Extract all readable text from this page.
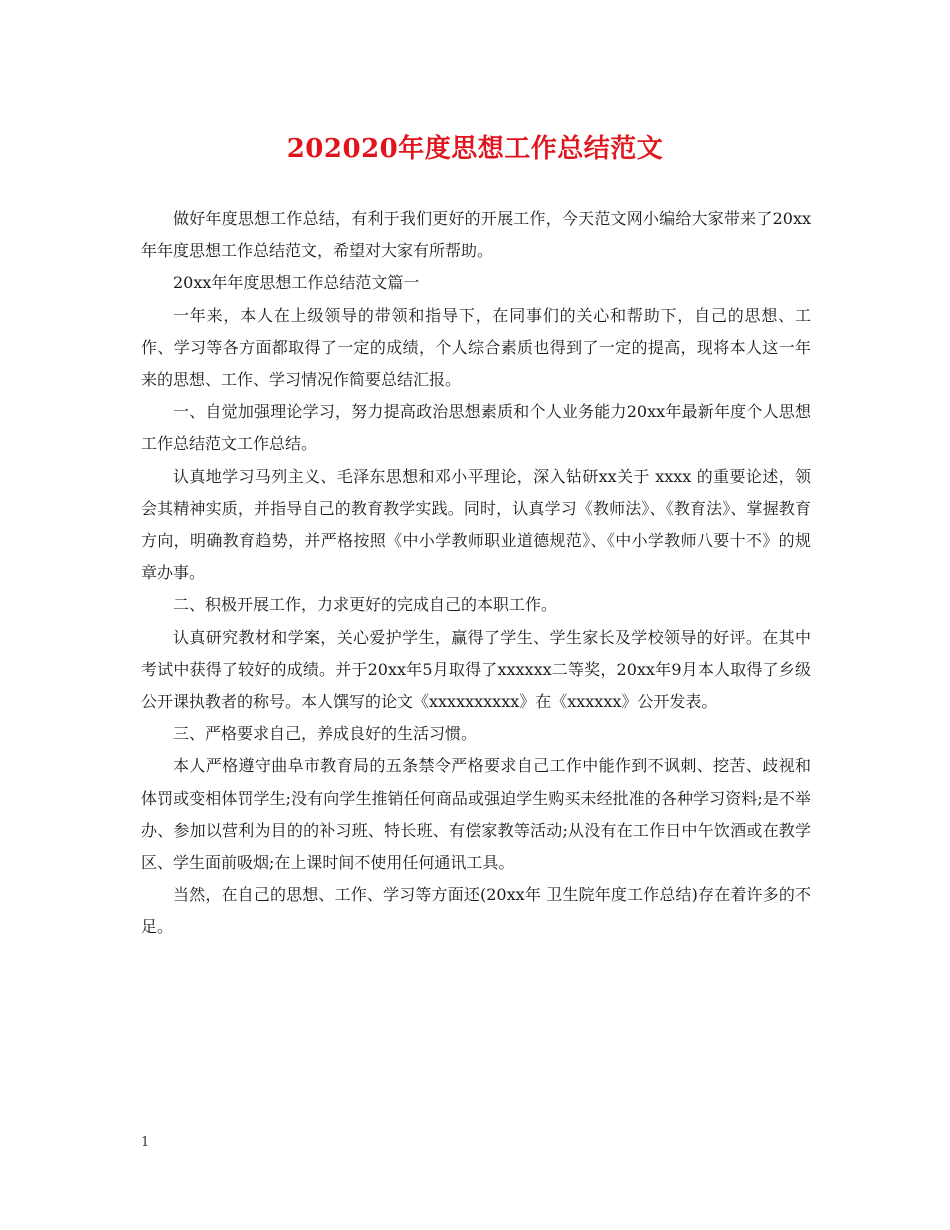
202020年度思想工作总结范文

做好年度思想工作总结，有利于我们更好的开展工作，今天范文网小编给大家带来了20xx年年度思想工作总结范文，希望对大家有所帮助。

20xx年年度思想工作总结范文篇一

一年来，本人在上级领导的带领和指导下，在同事们的关心和帮助下，自己的思想、工作、学习等各方面都取得了一定的成绩，个人综合素质也得到了一定的提高，现将本人这一年来的思想、工作、学习情况作简要总结汇报。

一、自觉加强理论学习，努力提高政治思想素质和个人业务能力20xx年最新年度个人思想工作总结范文工作总结。

认真地学习马列主义、毛泽东思想和邓小平理论，深入钻研xx关于 xxxx 的重要论述，领会其精神实质，并指导自己的教育教学实践。同时，认真学习《教师法》、《教育法》、掌握教育方向，明确教育趋势，并严格按照《中小学教师职业道德规范》、《中小学教师八要十不》的规章办事。

二、积极开展工作，力求更好的完成自己的本职工作。

认真研究教材和学案，关心爱护学生，赢得了学生、学生家长及学校领导的好评。在其中考试中获得了较好的成绩。并于20xx年5月取得了xxxxxx二等奖，20xx年9月本人取得了乡级公开课执教者的称号。本人馔写的论文《xxxxxxxxxx》在《xxxxxx》公开发表。

三、严格要求自己，养成良好的生活习惯。

本人严格遵守曲阜市教育局的五条禁令严格要求自己工作中能作到不讽刺、挖苦、歧视和体罚或变相体罚学生;没有向学生推销任何商品或强迫学生购买未经批准的各种学习资料;是不举办、参加以营利为目的的补习班、特长班、有偿家教等活动;从没有在工作日中午饮酒或在教学区、学生面前吸烟;在上课时间不使用任何通讯工具。

当然，在自己的思想、工作、学习等方面还(20xx年 卫生院年度工作总结)存在着许多的不足。

1
